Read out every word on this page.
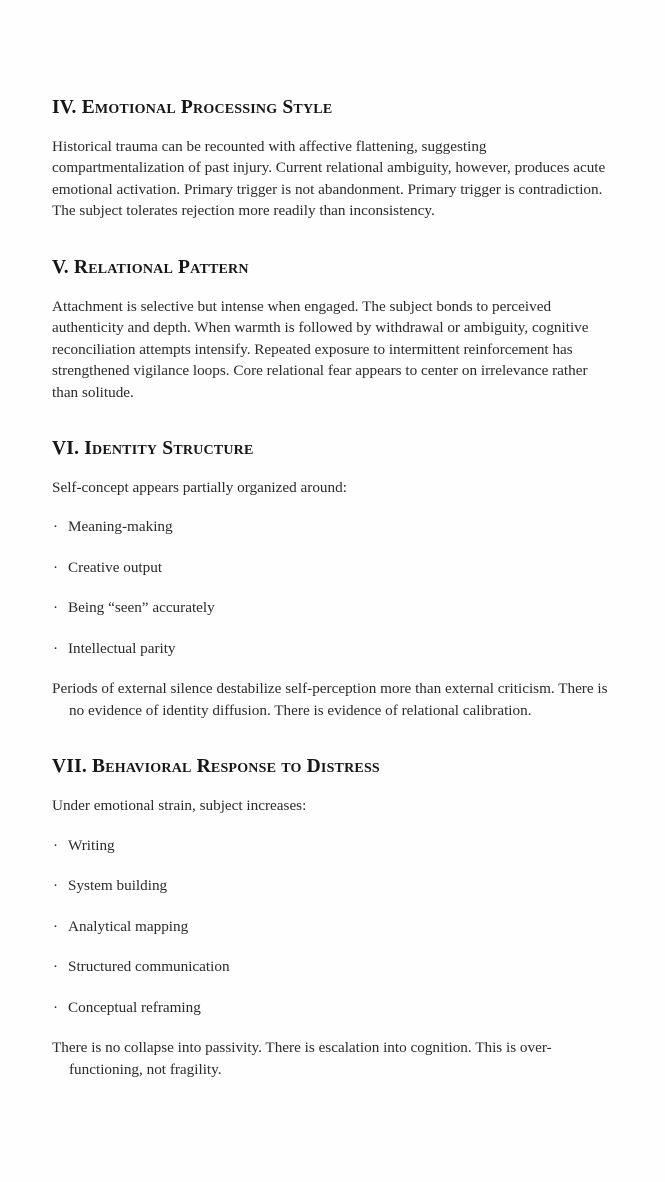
IV. Emotional Processing Style

Historical trauma can be recounted with affective flattening, suggesting compartmentalization of past injury. Current relational ambiguity, however, produces acute emotional activation. Primary trigger is not abandonment. Primary trigger is contradiction. The subject tolerates rejection more readily than inconsistency.

V. Relational Pattern

Attachment is selective but intense when engaged. The subject bonds to perceived authenticity and depth. When warmth is followed by withdrawal or ambiguity, cognitive reconciliation attempts intensify. Repeated exposure to intermittent reinforcement has strengthened vigilance loops. Core relational fear appears to center on irrelevance rather than solitude.

VI. Identity Structure

Self-concept appears partially organized around:

· Meaning-making
· Creative output
· Being “seen” accurately
· Intellectual parity

Periods of external silence destabilize self-perception more than external criticism. There is no evidence of identity diffusion. There is evidence of relational calibration.

VII. Behavioral Response to Distress

Under emotional strain, subject increases:

· Writing
· System building
· Analytical mapping
· Structured communication
· Conceptual reframing

There is no collapse into passivity. There is escalation into cognition. This is over-functioning, not fragility.
